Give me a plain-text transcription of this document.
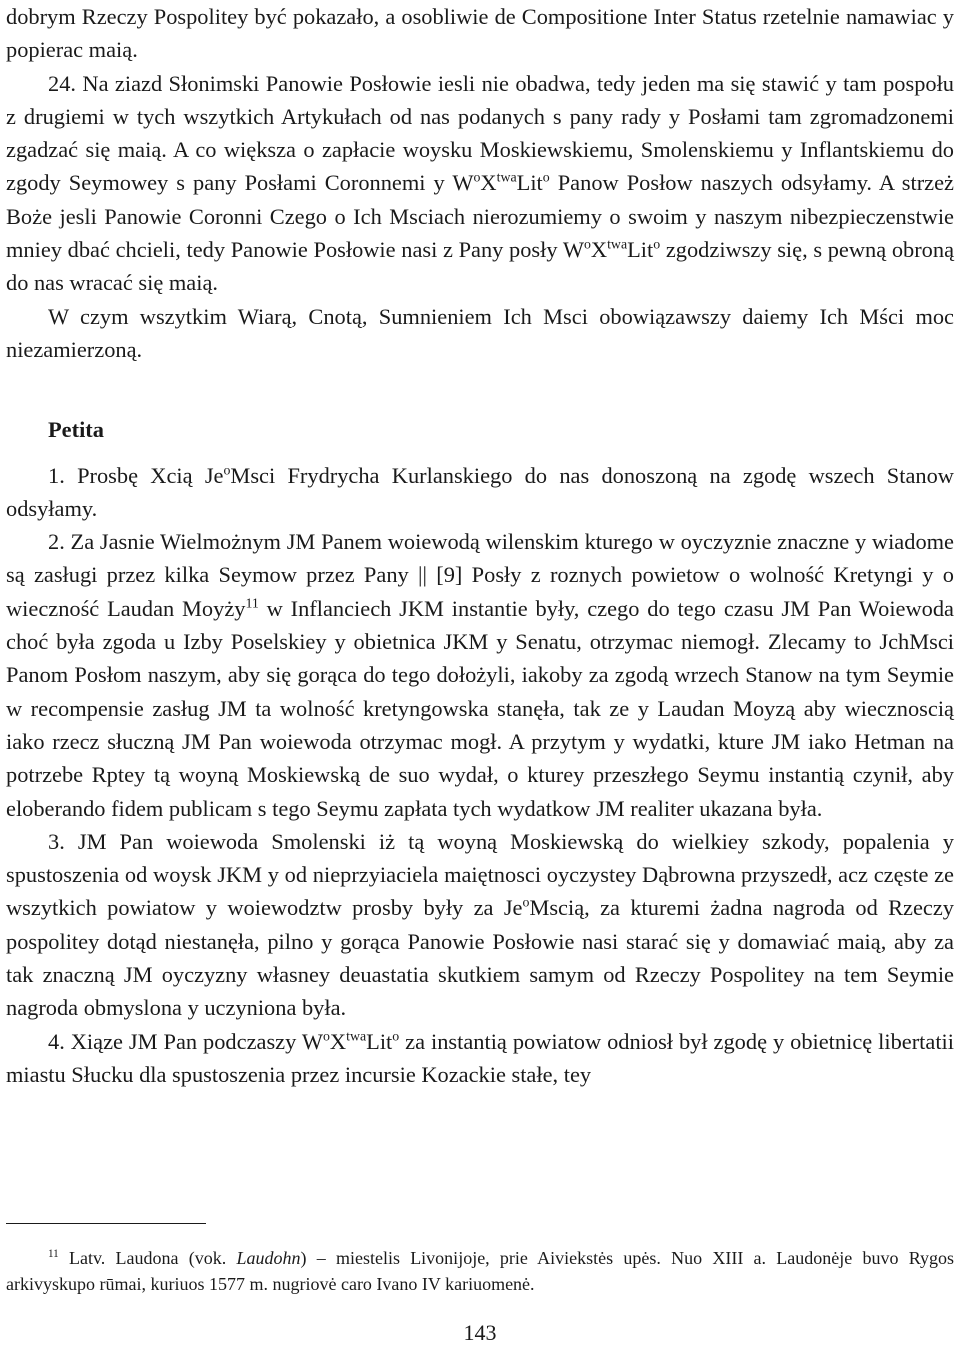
dobrym Rzeczy Pospolitey być pokazało, a osobliwie de Compositione Inter Status rzetelnie namawiac y popierac maią.

24. Na ziazd Słonimski Panowie Posłowie iesli nie obadwa, tedy jeden ma się stawić y tam pospołu z drugiemi w tych wszytkich Artykułach od nas podanych s pany rady y Posłami tam zgromadzonemi zgadzać się maią. A co większa o zapłacie woysku Moskiewskiemu, Smolenskiemu y Inflantskiemu do zgody Seymowey s pany Posłami Coronnemi y $W^oX^{twa}Lit^o$ Panow Posłow naszych odsyłamy. A strzeż Boże jesli Panowie Coronni Czego o Ich Msciach nierozumiemy o swoim y naszym nibezpieczenstwie mniey dbać chcieli, tedy Panowie Posłowie nasi z Pany posły $W^oX^{twa}Lit^o$ zgodziwszy się, s pewną obroną do nas wracać się maią.

W czym wszytkim Wiarą, Cnotą, Sumnieniem Ich Msci obowiązawszy daiemy Ich Mści moc niezamierzoną.

Petita

1. Prosbę Xcią Je$^o$Msci Frydrycha Kurlanskiego do nas donoszoną na zgodę wszech Stanow odsyłamy.

2. Za Jasnie Wielmożnym JM Panem woiewodą wilenskim kturego w oyczyznie znaczne y wiadome są zasługi przez kilka Seymow przez Pany || [9] Posły z roznych powietow o wolność Kretyngi y o wieczność Laudan Moyży$^{11}$ w Inflanciech JKM instantie były, czego do tego czasu JM Pan Woiewoda choć była zgoda u Izby Poselskiey y obietnica JKM y Senatu, otrzymac niemogł. Zlecamy to JchMsci Panom Posłom naszym, aby się gorąca do tego dołożyli, iakoby za zgodą wrzech Stanow na tym Seymie w recompensie zasług JM ta wolność kretyngowska stanęła, tak ze y Laudan Moyzą aby wiecznoscią iako rzecz słuczną JM Pan woiewoda otrzymac mogł. A przytym y wydatki, kture JM iako Hetman na potrzebe Rptey tą woyną Moskiewską de suo wydał, o kturey przeszłego Seymu instantią czynił, aby eloberando fidem publicam s tego Seymu zapłata tych wydatkow JM realiter ukazana była.

3. JM Pan woiewoda Smolenski iż tą woyną Moskiewską do wielkiey szkody, popalenia y spustoszenia od woysk JKM y od nieprzyiaciela maiętnosci oyczystey Dąbrowna przyszedł, acz częste ze wszytkich powiatow y woiewodztw prosby były za Je$^o$Mscią, za kturemi żadna nagroda od Rzeczy pospolitey dotąd niestanęła, pilno y gorąca Panowie Posłowie nasi starać się y domawiać maią, aby za tak znaczną JM oyczyzny własney deuastatia skutkiem samym od Rzeczy Pospolitey na tem Seymie nagroda obmyslona y uczyniona była.

4. Xiąze JM Pan podczaszy $W^oX^{twa}Lit^o$ za instantią powiatow odniosł był zgodę y obietnicę libertatii miastu Słucku dla spustoszenia przez incursie Kozackie stałe, tey

$^{11}$ Latv. Laudona (vok. Laudohn) – miestelis Livonijoje, prie Aiviekstės upės. Nuo XIII a. Laudonėje buvo Rygos arkivyskupo rūmai, kuriuos 1577 m. nugriovė caro Ivano IV kariuomenė.

143
